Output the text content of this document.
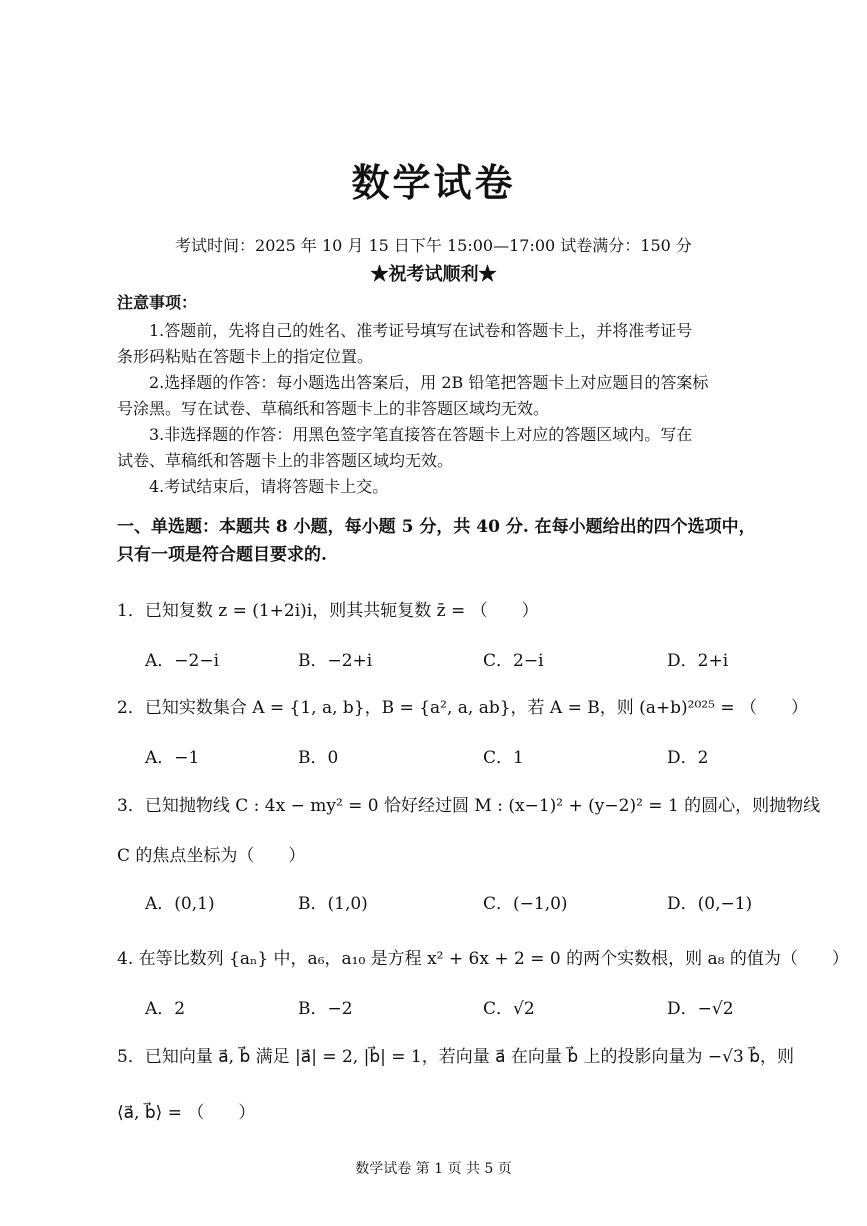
数学试卷
考试时间：2025 年 10 月 15 日下午 15:00—17:00 试卷满分：150 分
★祝考试顺利★
注意事项：
1.答题前，先将自己的姓名、准考证号填写在试卷和答题卡上，并将准考证号
条形码粘贴在答题卡上的指定位置。
2.选择题的作答：每小题选出答案后，用 2B 铅笔把答题卡上对应题目的答案标
号涂黑。写在试卷、草稿纸和答题卡上的非答题区域均无效。
3.非选择题的作答：用黑色签字笔直接答在答题卡上对应的答题区域内。写在
试卷、草稿纸和答题卡上的非答题区域均无效。
4.考试结束后，请将答题卡上交。
一、单选题：本题共 8 小题，每小题 5 分，共 40 分. 在每小题给出的四个选项中，
只有一项是符合题目要求的.
1．已知复数 z = (1+2i)i，则其共轭复数 z̄ = （　　）
A．−2−i	B．−2+i	C．2−i	D．2+i
2．已知实数集合 A = {1, a, b}，B = {a², a, ab}，若 A = B，则 (a+b)²⁰²⁵ = （　　）
A．−1	B．0	C．1	D．2
3．已知抛物线 C : 4x − my² = 0 恰好经过圆 M : (x−1)² + (y−2)² = 1 的圆心，则抛物线
C 的焦点坐标为（　　）
A．(0,1)	B．(1,0)	C．(−1,0)	D．(0,−1)
4. 在等比数列 {aₙ} 中，a₆，a₁₀ 是方程 x² + 6x + 2 = 0 的两个实数根，则 a₈ 的值为（　　）
A．2	B．−2	C．√2	D．−√2
5．已知向量 a⃗, b⃗ 满足 |a⃗| = 2, |b⃗| = 1，若向量 a⃗ 在向量 b⃗ 上的投影向量为 −√3 b⃗，则
⟨a⃗, b⃗⟩ = （　　）
数学试卷 第 1 页 共 5 页
